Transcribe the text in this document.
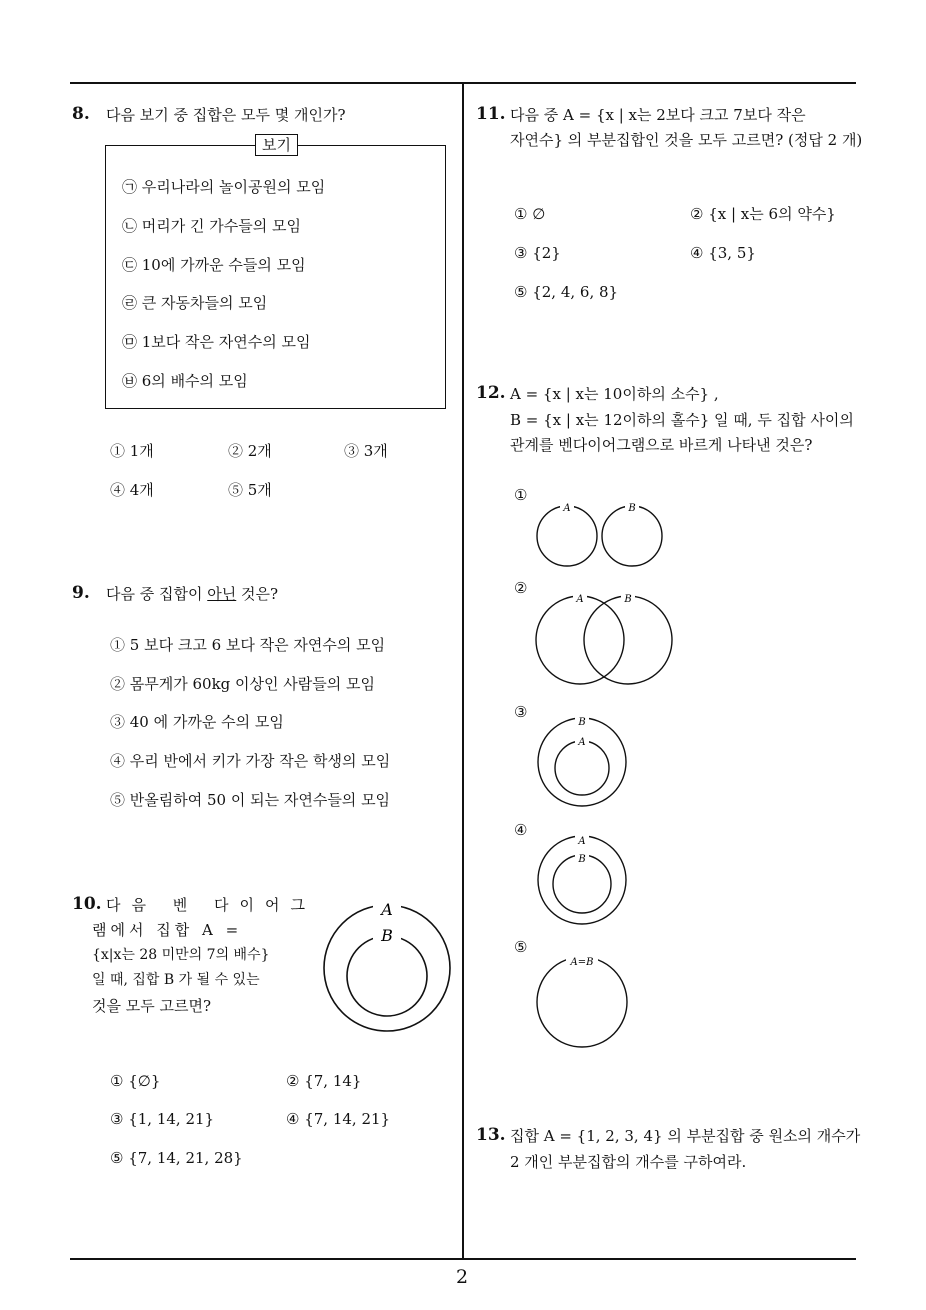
8. 다음 보기 중 집합은 모두 몇 개인가?
보기
㉠ 우리나라의 놀이공원의 모임
㉡ 머리가 긴 가수들의 모임
㉢ 10에 가까운 수들의 모임
㉣ 큰 자동차들의 모임
㉤ 1보다 작은 자연수의 모임
㉥ 6의 배수의 모임
① 1개	② 2개	③ 3개
④ 4개	⑤ 5개
9. 다음 중 집합이 아닌 것은?
① 5 보다 크고 6 보다 작은 자연수의 모임
② 몸무게가 60kg 이상인 사람들의 모임
③ 40 에 가까운 수의 모임
④ 우리 반에서 키가 가장 작은 학생의 모임
⑤ 반올림하여 50 이 되는 자연수들의 모임
10. 다음 벤 다이어그
램에서 집합 A =
{x|x는 28 미만의 7의 배수}
일 때, 집합 B 가 될 수 있는
것을 모두 고르면?
A
B
① {∅}	② {7, 14}
③ {1, 14, 21}	④ {7, 14, 21}
⑤ {7, 14, 21, 28}
11. 다음 중 A = {x | x는 2보다 크고 7보다 작은
자연수} 의 부분집합인 것을 모두 고르면? (정답 2 개)
① ∅	② {x | x는 6의 약수}
③ {2}	④ {3, 5}
⑤ {2, 4, 6, 8}
12. A = {x | x는 10이하의 소수} ,
B = {x | x는 12이하의 홀수} 일 때, 두 집합 사이의
관계를 벤다이어그램으로 바르게 나타낸 것은?
①
A	B
②
A	B
③
B
A
④
A
B
⑤
A=B
13. 집합 A = {1, 2, 3, 4} 의 부분집합 중 원소의 개수가
2 개인 부분집합의 개수를 구하여라.
2
